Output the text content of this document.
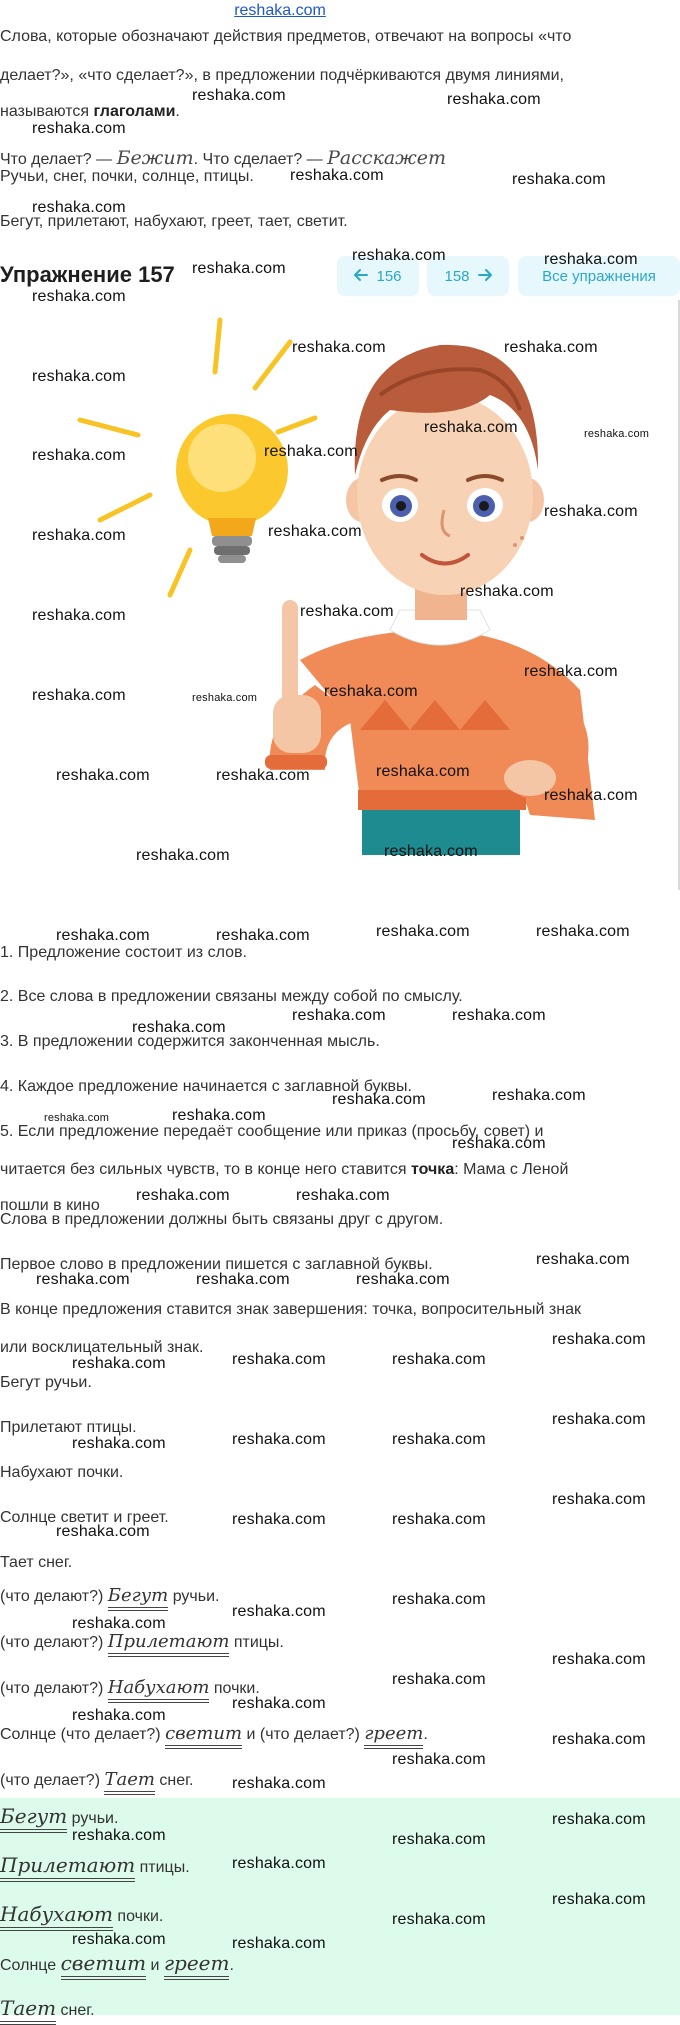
reshaka.com
Слова, которые обозначают действия предметов, отвечают на вопросы «что
делает?», «что сделает?», в предложении подчёркиваются двумя линиями,
называются глаголами.
Что делает? — Бежит. Что сделает? — Расскажет
Ручьи, снег, почки, солнце, птицы.
Бегут, прилетают, набухают, греет, тает, светит.
Упражнение 157	156	158	Все упражнения
1. Предложение состоит из слов.
2. Все слова в предложении связаны между собой по смыслу.
3. В предложении содержится законченная мысль.
4. Каждое предложение начинается с заглавной буквы.
5. Если предложение передаёт сообщение или приказ (просьбу, совет) и
читается без сильных чувств, то в конце него ставится точка: Мама с Леной
пошли в кино
Слова в предложении должны быть связаны друг с другом.
Первое слово в предложении пишется с заглавной буквы.
В конце предложения ставится знак завершения: точка, вопросительный знак
или восклицательный знак.
Бегут ручьи.
Прилетают птицы.
Набухают почки.
Солнце светит и греет.
Тает снег.
(что делают?) Бегут ручьи.
(что делают?) Прилетают птицы.
(что делают?) Набухают почки.
Солнце (что делает?) светит и (что делает?) греет.
(что делает?) Тает снег.
Бегут ручьи.
Прилетают птицы.
Набухают почки.
Солнце светит и греет.
Тает снег.
reshaka.com	reshaka.com
reshaka.com
reshaka.com	reshaka.com
reshaka.com
reshaka.com	reshaka.com
reshaka.com
reshaka.com
reshaka.com	reshaka.com
reshaka.com
reshaka.com	reshaka.com
reshaka.com
reshaka.com
reshaka.com
reshaka.com
reshaka.com
reshaka.com
reshaka.com
reshaka.com
reshaka.com
reshaka.com
reshaka.com	reshaka.com
reshaka.com
reshaka.com	reshaka.com
reshaka.com
reshaka.com
reshaka.com
reshaka.com	reshaka.com
reshaka.com	reshaka.com
reshaka.com	reshaka.com
reshaka.com
reshaka.com
reshaka.com
reshaka.com
reshaka.com
reshaka.com
reshaka.com	reshaka.com
reshaka.com
reshaka.com	reshaka.com	reshaka.com
reshaka.com
reshaka.com	reshaka.com
reshaka.com
reshaka.com
reshaka.com	reshaka.com
reshaka.com
reshaka.com
reshaka.com	reshaka.com
reshaka.com
reshaka.com
reshaka.com
reshaka.com
reshaka.com
reshaka.com
reshaka.com
reshaka.com
reshaka.com
reshaka.com
reshaka.com
reshaka.com
reshaka.com	reshaka.com
reshaka.com
reshaka.com
reshaka.com
reshaka.com	reshaka.com
